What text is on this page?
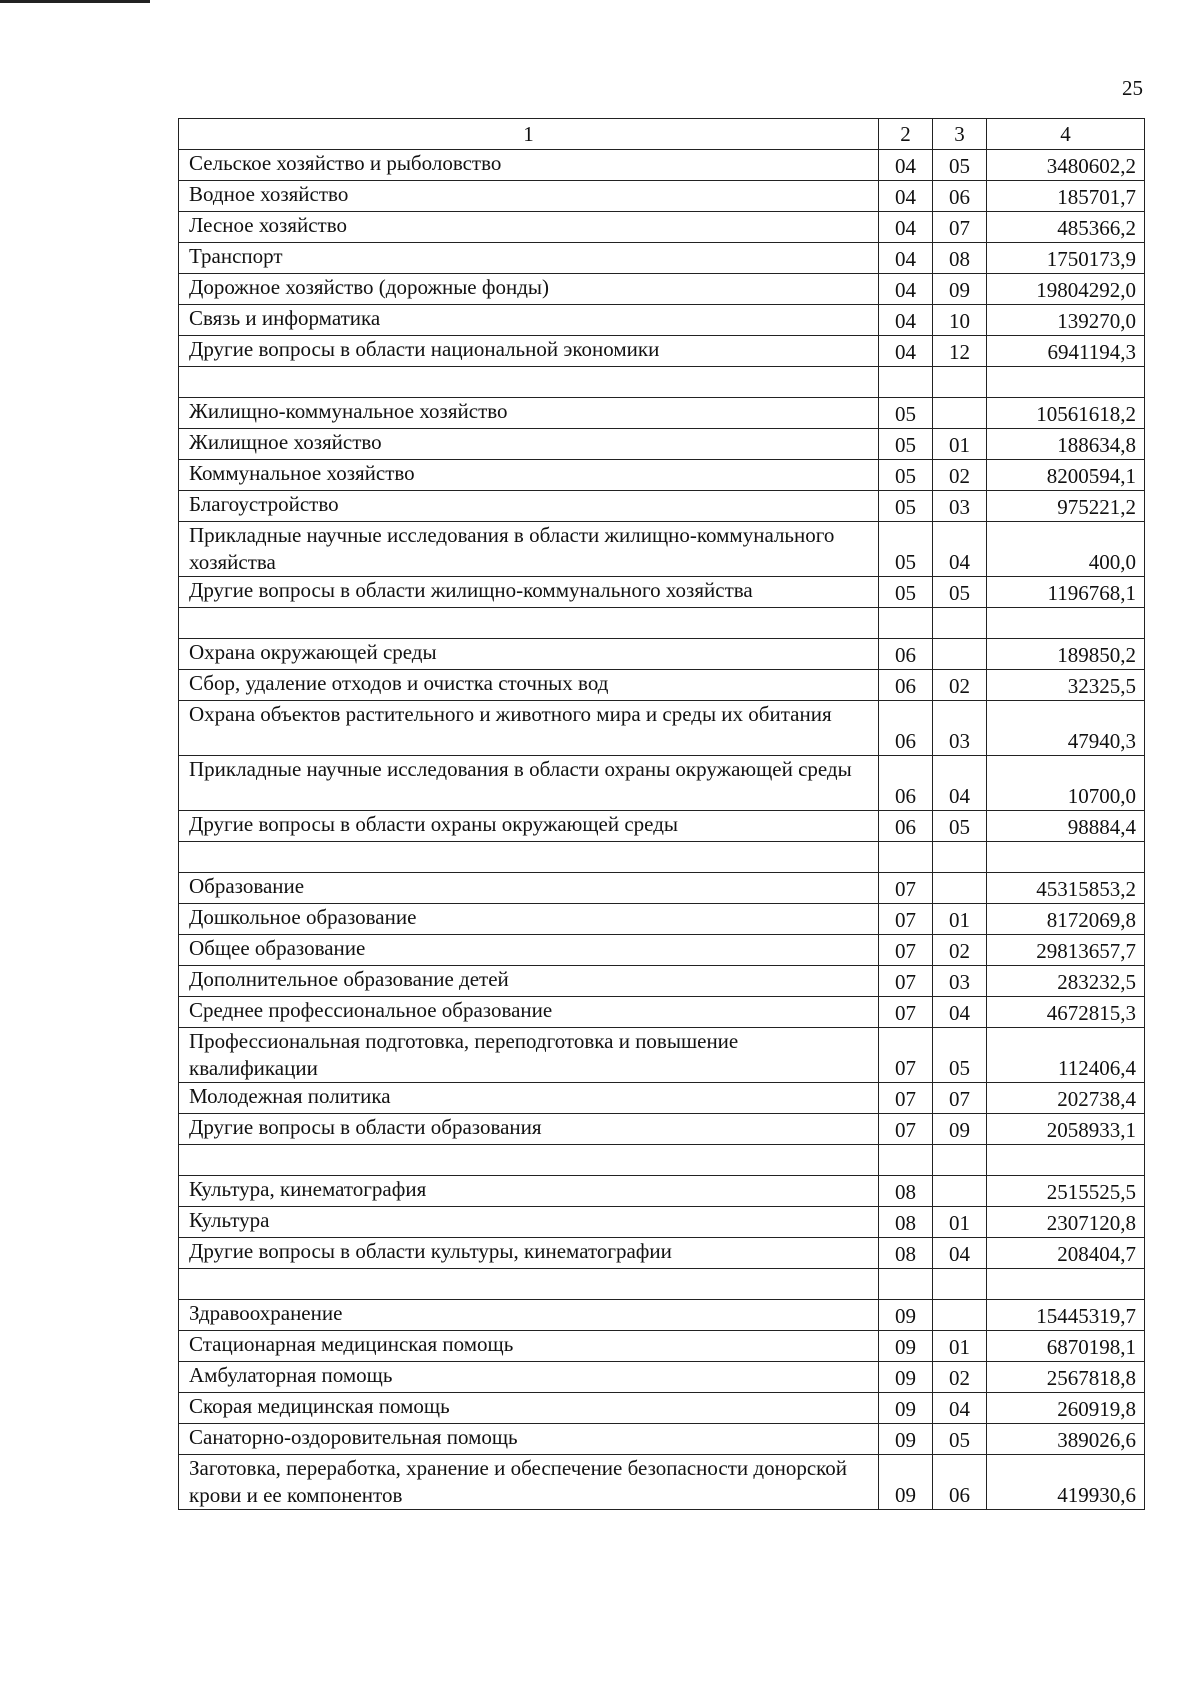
25
1	2	3	4
Сельское хозяйство и рыболовство	04	05	3480602,2
Водное хозяйство	04	06	185701,7
Лесное хозяйство	04	07	485366,2
Транспорт	04	08	1750173,9
Дорожное хозяйство (дорожные фонды)	04	09	19804292,0
Связь и информатика	04	10	139270,0
Другие вопросы в области национальной экономики	04	12	6941194,3

Жилищно-коммунальное хозяйство	05		10561618,2
Жилищное хозяйство	05	01	188634,8
Коммунальное хозяйство	05	02	8200594,1
Благоустройство	05	03	975221,2
Прикладные научные исследования в области жилищно-коммунального хозяйства	05	04	400,0
Другие вопросы в области жилищно-коммунального хозяйства	05	05	1196768,1

Охрана окружающей среды	06		189850,2
Сбор, удаление отходов и очистка сточных вод	06	02	32325,5
Охрана объектов растительного и животного мира и среды их обитания	06	03	47940,3
Прикладные научные исследования в области охраны окружающей среды	06	04	10700,0
Другие вопросы в области охраны окружающей среды	06	05	98884,4

Образование	07		45315853,2
Дошкольное образование	07	01	8172069,8
Общее образование	07	02	29813657,7
Дополнительное образование детей	07	03	283232,5
Среднее профессиональное образование	07	04	4672815,3
Профессиональная подготовка, переподготовка и повышение квалификации	07	05	112406,4
Молодежная политика	07	07	202738,4
Другие вопросы в области образования	07	09	2058933,1

Культура, кинематография	08		2515525,5
Культура	08	01	2307120,8
Другие вопросы в области культуры, кинематографии	08	04	208404,7

Здравоохранение	09		15445319,7
Стационарная медицинская помощь	09	01	6870198,1
Амбулаторная помощь	09	02	2567818,8
Скорая медицинская помощь	09	04	260919,8
Санаторно-оздоровительная помощь	09	05	389026,6
Заготовка, переработка, хранение и обеспечение безопасности донорской крови и ее компонентов	09	06	419930,6
